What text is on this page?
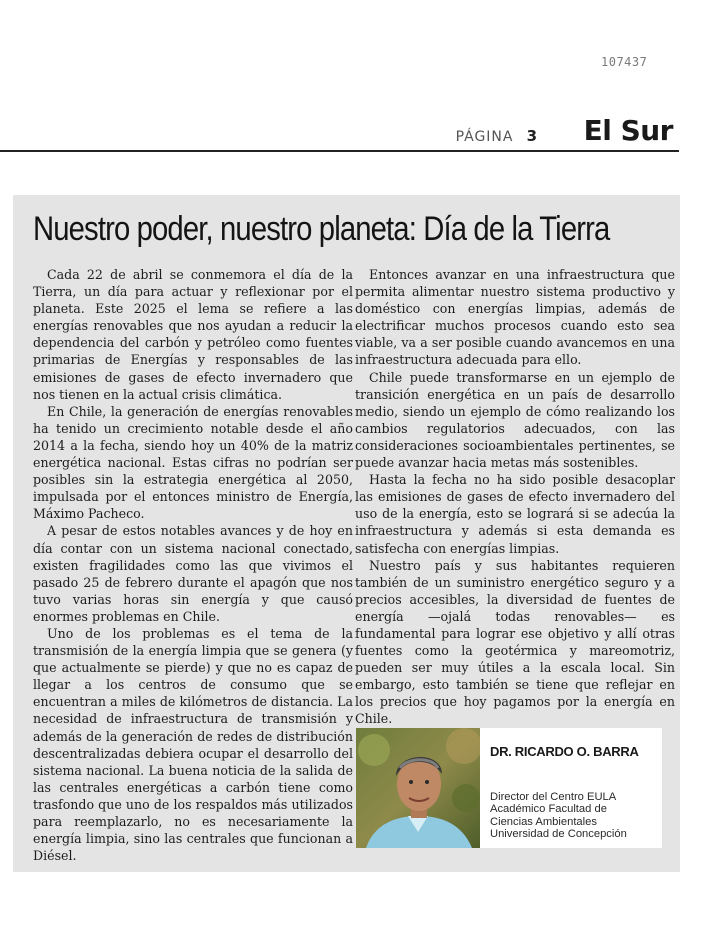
107437
PÁGINA 3 El Sur
Nuestro poder, nuestro planeta: Día de la Tierra

Cada 22 de abril se conmemora el día de la Tierra, un día para actuar y reflexionar por el planeta. Este 2025 el lema se refiere a las energías renovables que nos ayudan a reducir la dependencia del carbón y petróleo como fuentes primarias de Energías y responsables de las emisiones de gases de efecto invernadero que nos tienen en la actual crisis climática.

En Chile, la generación de energías renovables ha tenido un crecimiento notable desde el año 2014 a la fecha, siendo hoy un 40% de la matriz energética nacional. Estas cifras no podrían ser posibles sin la estrategia energética al 2050, impulsada por el entonces ministro de Energía, Máximo Pacheco.

A pesar de estos notables avances y de hoy en día contar con un sistema nacional conectado, existen fragilidades como las que vivimos el pasado 25 de febrero durante el apagón que nos tuvo varias horas sin energía y que causó enormes problemas en Chile.

Uno de los problemas es el tema de la transmisión de la energía limpia que se genera (y que actualmente se pierde) y que no es capaz de llegar a los centros de consumo que se encuentran a miles de kilómetros de distancia. La necesidad de infraestructura de transmisión y además de la generación de redes de distribución descentralizadas debiera ocupar el desarrollo del sistema nacional. La buena noticia de la salida de las centrales energéticas a carbón tiene como trasfondo que uno de los respaldos más utilizados para reemplazarlo, no es necesariamente la energía limpia, sino las centrales que funcionan a Diésel.

Entonces avanzar en una infraestructura que permita alimentar nuestro sistema productivo y doméstico con energías limpias, además de electrificar muchos procesos cuando esto sea viable, va a ser posible cuando avancemos en una infraestructura adecuada para ello.

Chile puede transformarse en un ejemplo de transición energética en un país de desarrollo medio, siendo un ejemplo de cómo realizando los cambios regulatorios adecuados, con las consideraciones socioambientales pertinentes, se puede avanzar hacia metas más sostenibles.

Hasta la fecha no ha sido posible desacoplar las emisiones de gases de efecto invernadero del uso de la energía, esto se logrará si se adecúa la infraestructura y además si esta demanda es satisfecha con energías limpias.

Nuestro país y sus habitantes requieren también de un suministro energético seguro y a precios accesibles, la diversidad de fuentes de energía —ojalá todas renovables— es fundamental para lograr ese objetivo y allí otras fuentes como la geotérmica y mareomotriz, pueden ser muy útiles a la escala local. Sin embargo, esto también se tiene que reflejar en los precios que hoy pagamos por la energía en Chile.

DR. RICARDO O. BARRA
Director del Centro EULA
Académico Facultad de
Ciencias Ambientales
Universidad de Concepción
